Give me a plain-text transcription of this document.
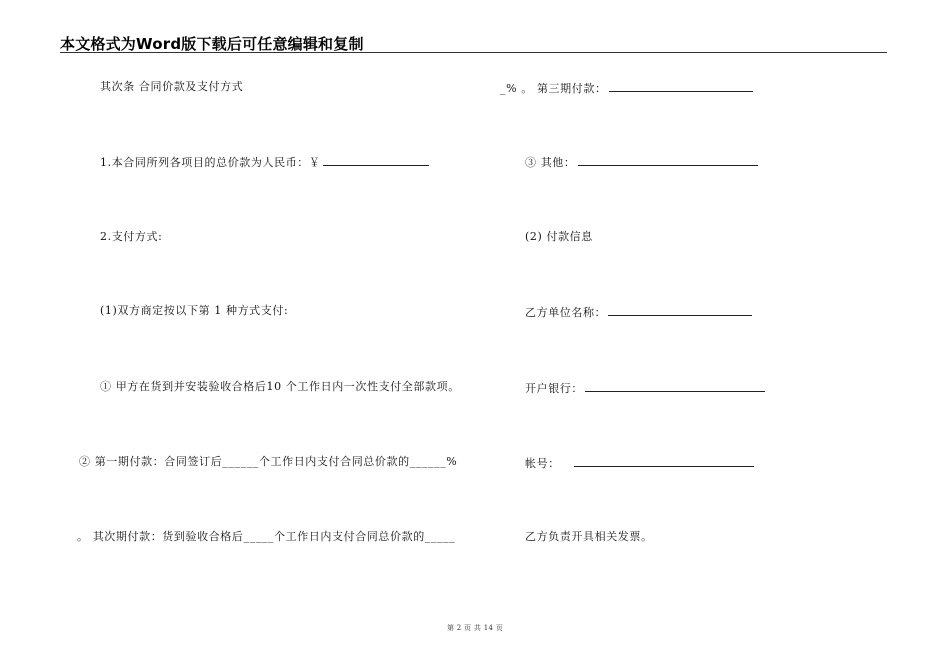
本文格式为Word版下载后可任意编辑和复制
其次条 合同价款及支付方式
1.本合同所列各项目的总价款为人民币：￥
2.支付方式:
(1)双方商定按以下第 1 种方式支付:
① 甲方在货到并安装验收合格后10 个工作日内一次性支付全部款项。
② 第一期付款：合同签订后______个工作日内支付合同总价款的______%
。 其次期付款：货到验收合格后_____个工作日内支付合同总价款的_____
_% 。 第三期付款：
③ 其他：
(2) 付款信息
乙方单位名称：
开户银行：
帐号：
乙方负责开具相关发票。
第 2 页 共 14 页
